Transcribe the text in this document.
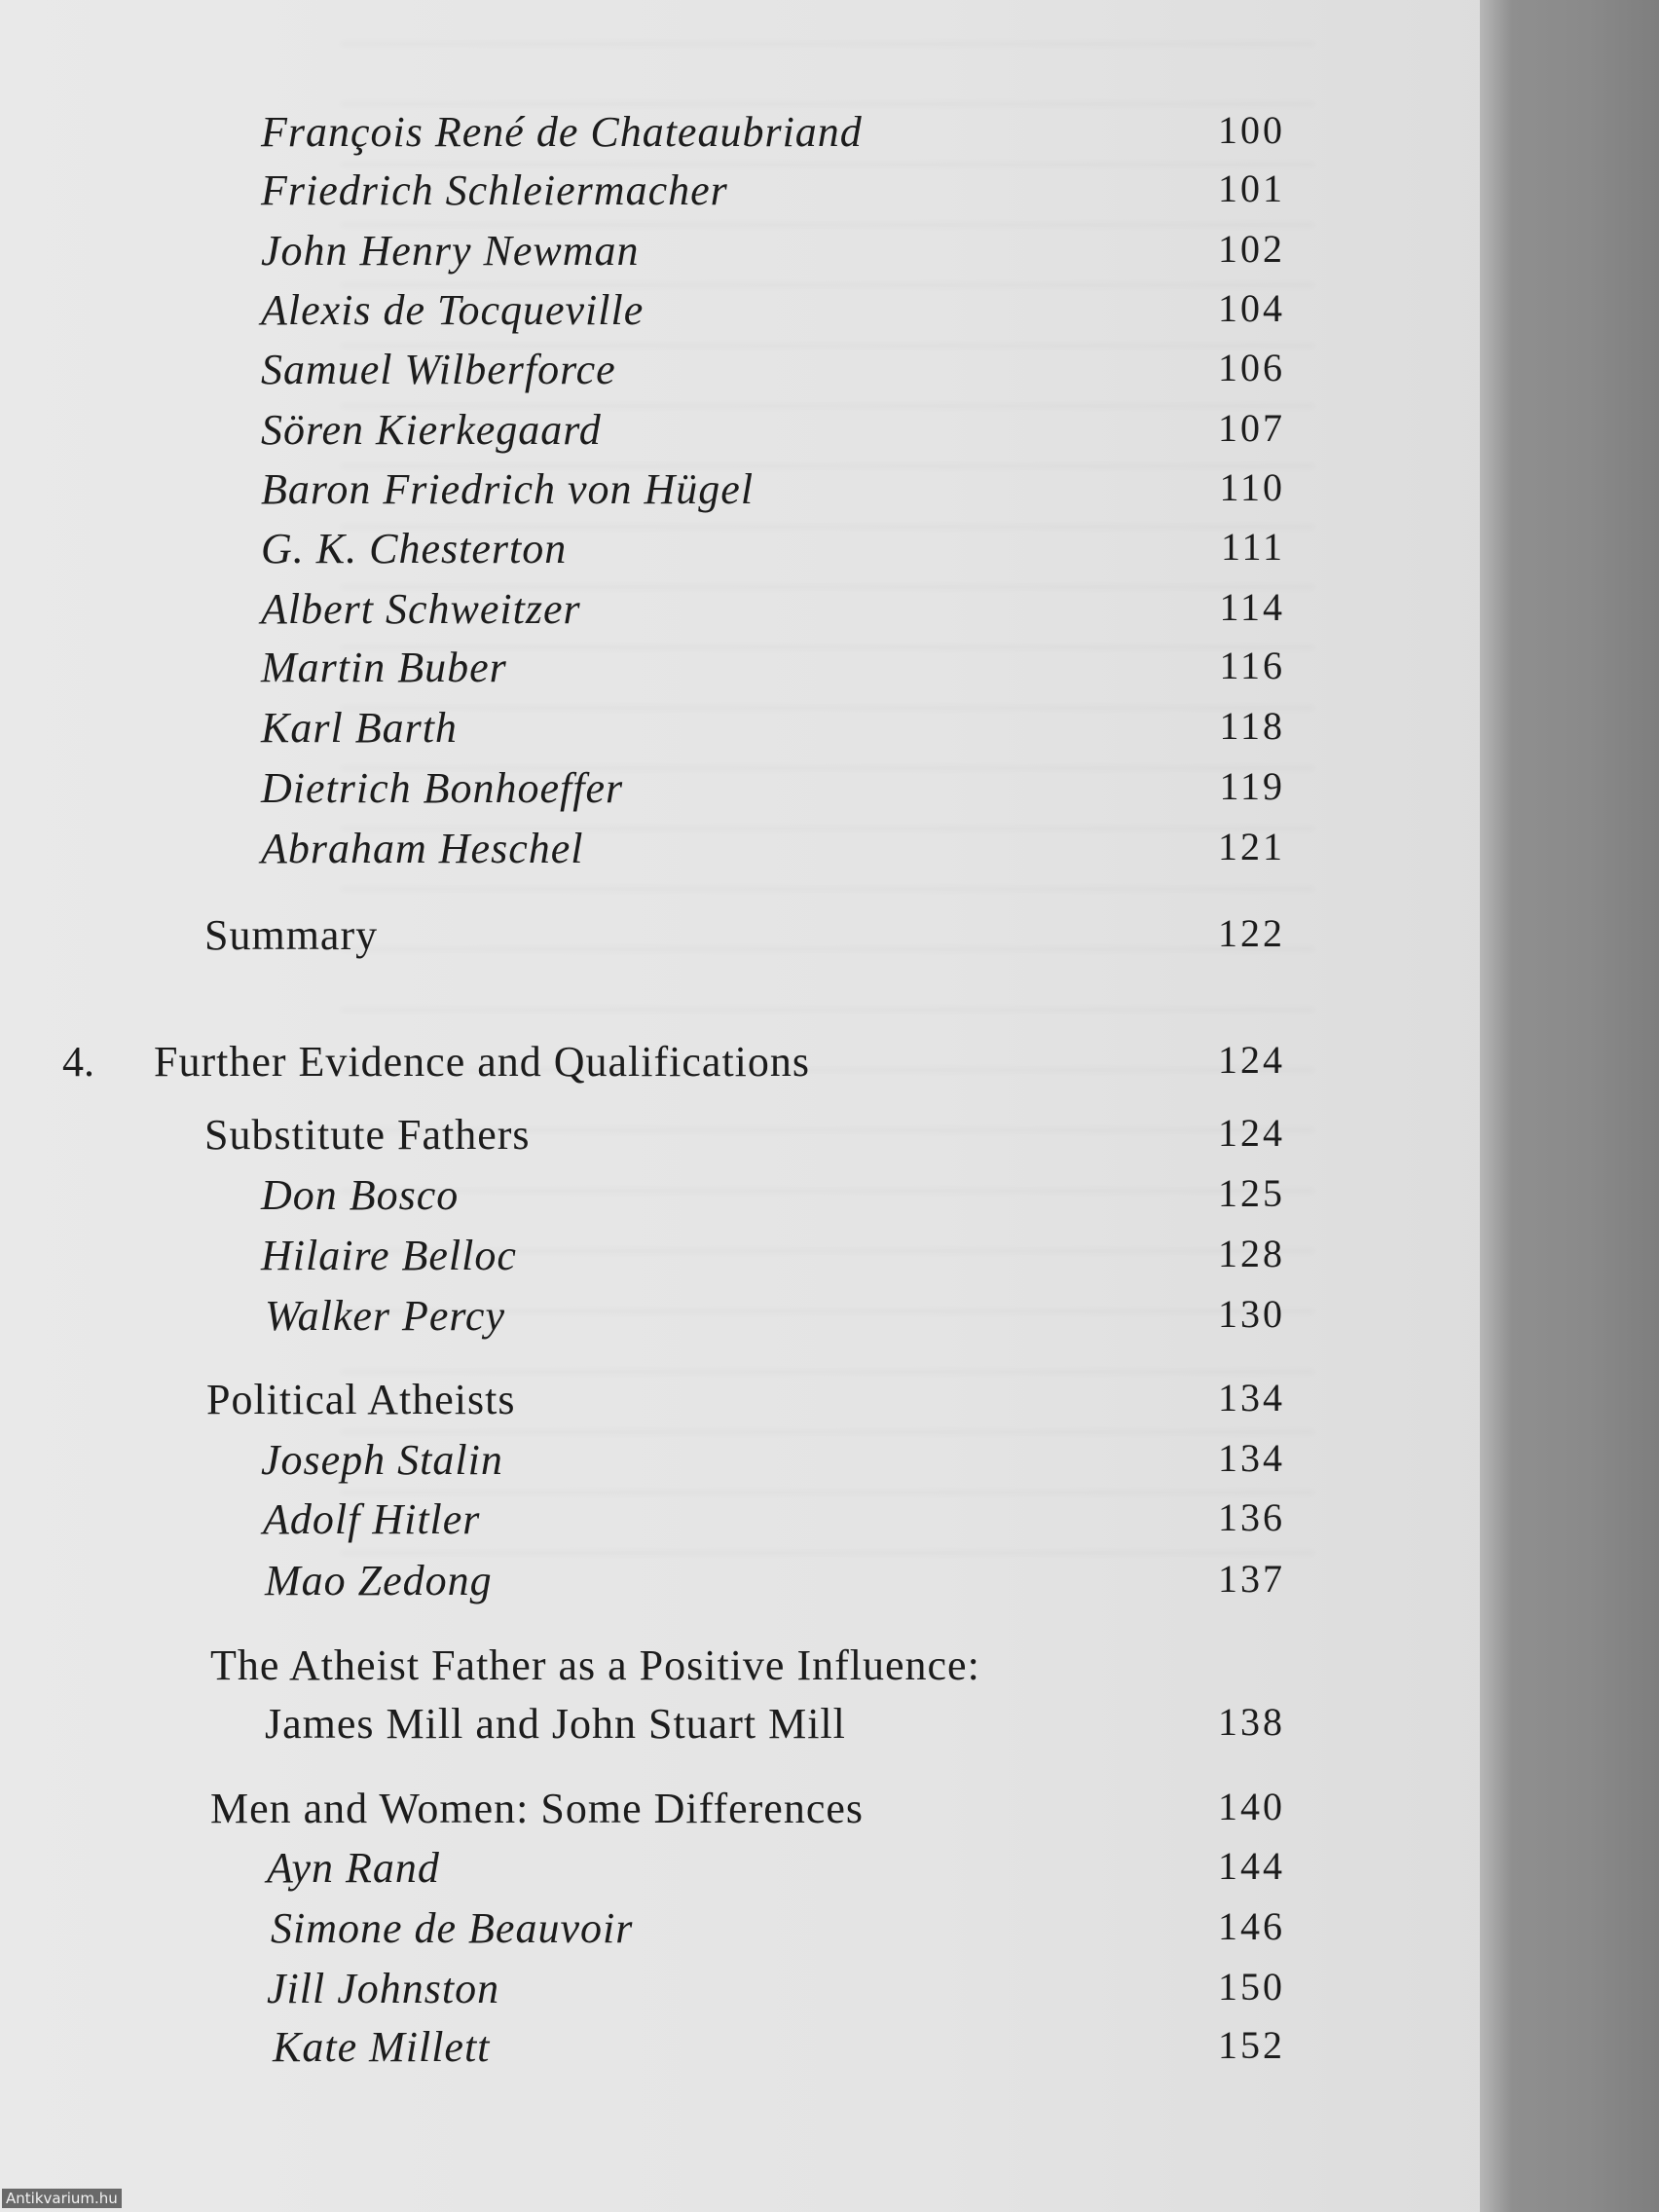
François René de Chateaubriand	100
Friedrich Schleiermacher	101
John Henry Newman	102
Alexis de Tocqueville	104
Samuel Wilberforce	106
Sören Kierkegaard	107
Baron Friedrich von Hügel	110
G. K. Chesterton	111
Albert Schweitzer	114
Martin Buber	116
Karl Barth	118
Dietrich Bonhoeffer	119
Abraham Heschel	121
Summary	122
4. Further Evidence and Qualifications	124
Substitute Fathers	124
Don Bosco	125
Hilaire Belloc	128
Walker Percy	130
Political Atheists	134
Joseph Stalin	134
Adolf Hitler	136
Mao Zedong	137
The Atheist Father as a Positive Influence:
James Mill and John Stuart Mill	138
Men and Women: Some Differences	140
Ayn Rand	144
Simone de Beauvoir	146
Jill Johnston	150
Kate Millett	152
Antikvarium.hu
